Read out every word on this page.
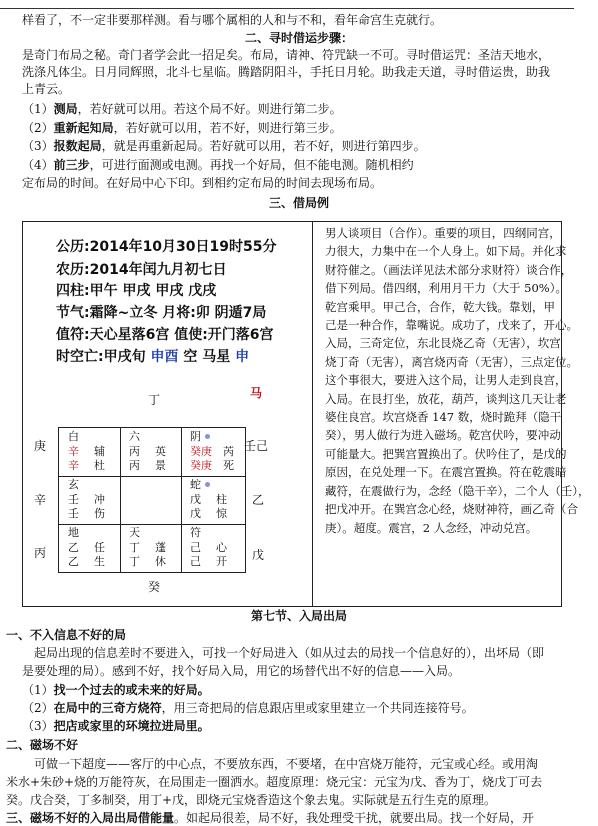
样看了，不一定非要那样测。看与哪个属相的人和与不和，看年命宫生克就行。
二、寻时借运步骤：
是奇门布局之秘。奇门者学会此一招足矣。布局，请神、符咒缺一不可。寻时借运咒：圣洁天地水，
洗涤凡体尘。日月同辉照，北斗七星临。腾踏阴阳斗，手托日月轮。助我走天道，寻时借运贵，助我
上青云。
（1）测局，若好就可以用。若这个局不好。则进行第二步。
（2）重新起知局，若好就可以用，若不好，则进行第三步。
（3）报数起局，就是再重新起局。若好就可以用，若不好，则进行第四步。
（4）前三步，可进行面测或电测。再找一个好局，但不能电测。随机相约
定布局的时间。在好局中心下印。到相约定布局的时间去现场布局。
三、借局例
男人谈项目（合作）。重要的项目，四纲同宫，
力很大，力集中在一个人身上。如下局。并化求
财符催之。（画法详见法术部分求财符）谈合作，
借下列局。借四纲，利用月干力（大于 50%）。
乾宫乘甲。甲己合，合作，乾大钱。靠划，甲
己是一种合作，靠嘴说。成功了，戊来了，开心。
入局，三奇定位，东北艮烧乙奇（无害），坎宫
烧丁奇（无害），离宫烧丙奇（无害），三点定位。
这个事很大，要进入这个局，让男人走到良宫，
入局。在艮打坐，放花，葫芦，谈判这几天让老
婆住良宫。坎宫烧香 147 数，烧时跪拜（隐干
癸），男人做行为进入磁场。乾宫伏吟，要冲动
可能量大。把巽宫置换出了。伏吟住了，是戊的
原因，在兑处理一下。在震宫置换。符在乾震暗
藏符，在震做行为，念经（隐干辛），二个人（壬），
把戊冲开。在巽宫念心经，烧财神符，画乙奇（合
庚）。超度。震宫，2 人念经，冲动兑宫。
公历:2014年10月30日19时55分
农历:2014年闰九月初七日
四柱:甲午 甲戌 甲戌 戊戌
节气:霜降~立冬 月将:卯 阴遁7局
值符:天心星落6宫 值使:开门落6宫
时空亡:甲戌旬 申酉 空 马星 申
丁	马
癸
庚
辛
丙
壬己
乙
戊
白
辛 辅
辛 杜
六
丙 英
丙 景
阴
癸庚 芮
癸庚 死
玄
壬 冲
壬 伤
蛇
戊 柱
戊 惊
地
乙 任
乙 生
天
丁 蓬
丁 休
符
己 心
己 开
第七节、入局出局
一、不入信息不好的局
起局出现的信息差时不要进入，可找一个好局进入（如从过去的局找一个信息好的），出坏局（即
是要处理的局）。感到不好，找个好局入局，用它的场替代出不好的信息——入局。
（1）找一个过去的或未来的好局。
（2）在局中的三奇方烧符，用三奇把局的信息跟店里或家里建立一个共同连接符号。
（3）把店或家里的环境拉进局里。
二、磁场不好
可做一下超度——客厅的中心点，不要放东西，不要堵，在中宫烧万能符，元宝或心经。或用淘
米水+朱砂+烧的万能符灰，在局围走一圈洒水。超度原理：烧元宝：元宝为戊、香为丁，烧戊丁可去
癸。戊合癸，丁多制癸，用丁+戊，即烧元宝烧香造这个象去鬼。实际就是五行生克的原理。
三、磁场不好的入局出局借能量。如起局很差，局不好，我处理受干扰，就要出局。找一个好局，开
